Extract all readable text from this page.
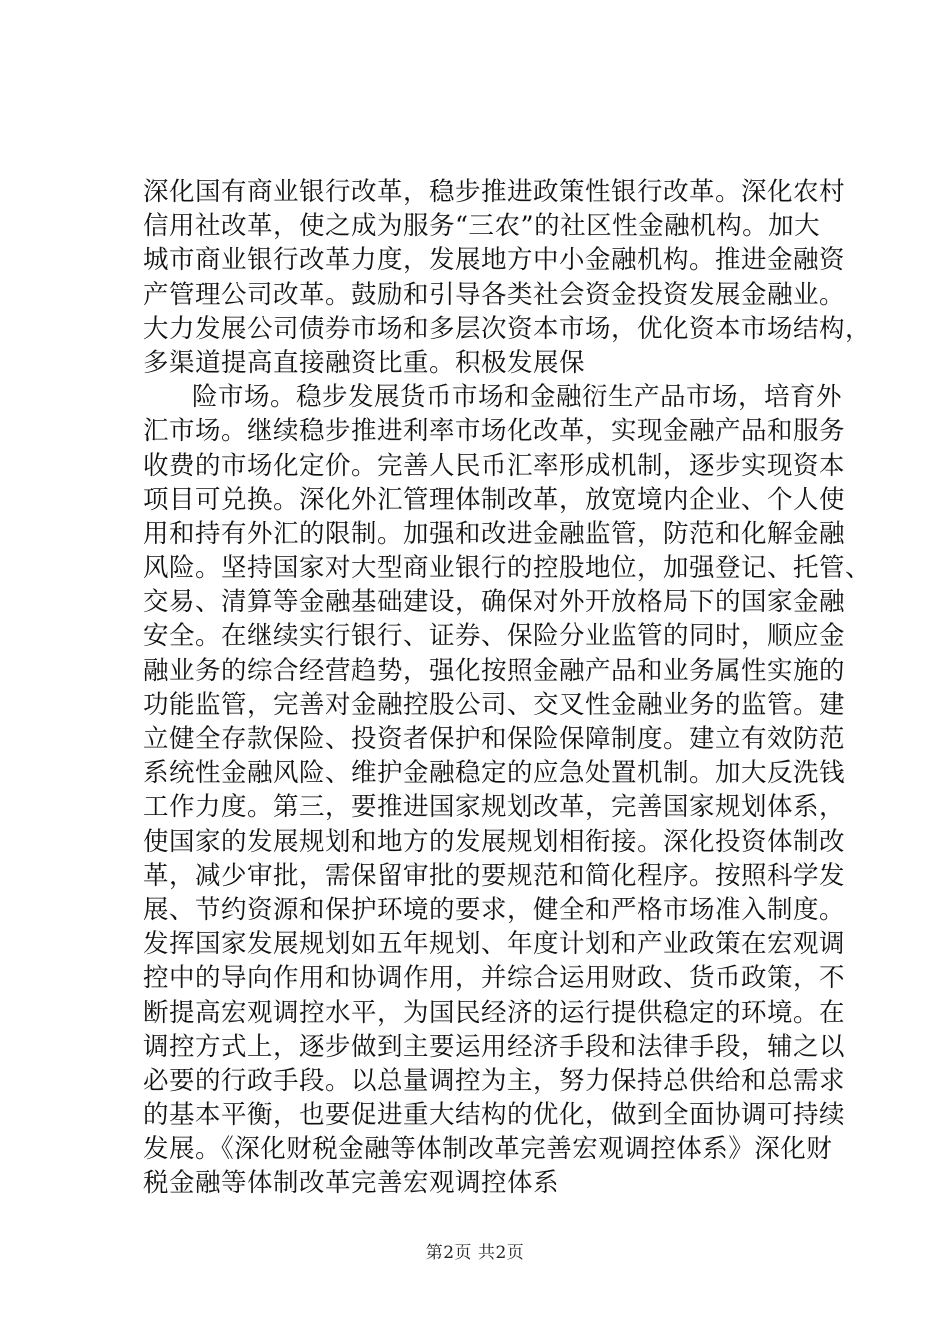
深化国有商业银行改革，稳步推进政策性银行改革。深化农村
信用社改革，使之成为服务“三农”的社区性金融机构。加大
城市商业银行改革力度，发展地方中小金融机构。推进金融资
产管理公司改革。鼓励和引导各类社会资金投资发展金融业。
大力发展公司债券市场和多层次资本市场，优化资本市场结构，
多渠道提高直接融资比重。积极发展保

险市场。稳步发展货币市场和金融衍生产品市场，培育外
汇市场。继续稳步推进利率市场化改革，实现金融产品和服务
收费的市场化定价。完善人民币汇率形成机制，逐步实现资本
项目可兑换。深化外汇管理体制改革，放宽境内企业、个人使
用和持有外汇的限制。加强和改进金融监管，防范和化解金融
风险。坚持国家对大型商业银行的控股地位，加强登记、托管、
交易、清算等金融基础建设，确保对外开放格局下的国家金融
安全。在继续实行银行、证券、保险分业监管的同时，顺应金
融业务的综合经营趋势，强化按照金融产品和业务属性实施的
功能监管，完善对金融控股公司、交叉性金融业务的监管。建
立健全存款保险、投资者保护和保险保障制度。建立有效防范
系统性金融风险、维护金融稳定的应急处置机制。加大反洗钱
工作力度。第三，要推进国家规划改革，完善国家规划体系，
使国家的发展规划和地方的发展规划相衔接。深化投资体制改
革，减少审批，需保留审批的要规范和简化程序。按照科学发
展、节约资源和保护环境的要求，健全和严格市场准入制度。
发挥国家发展规划如五年规划、年度计划和产业政策在宏观调
控中的导向作用和协调作用，并综合运用财政、货币政策，不
断提高宏观调控水平，为国民经济的运行提供稳定的环境。在
调控方式上，逐步做到主要运用经济手段和法律手段，辅之以
必要的行政手段。以总量调控为主，努力保持总供给和总需求
的基本平衡，也要促进重大结构的优化，做到全面协调可持续
发展。《深化财税金融等体制改革完善宏观调控体系》深化财
税金融等体制改革完善宏观调控体系

第2页 共2页
